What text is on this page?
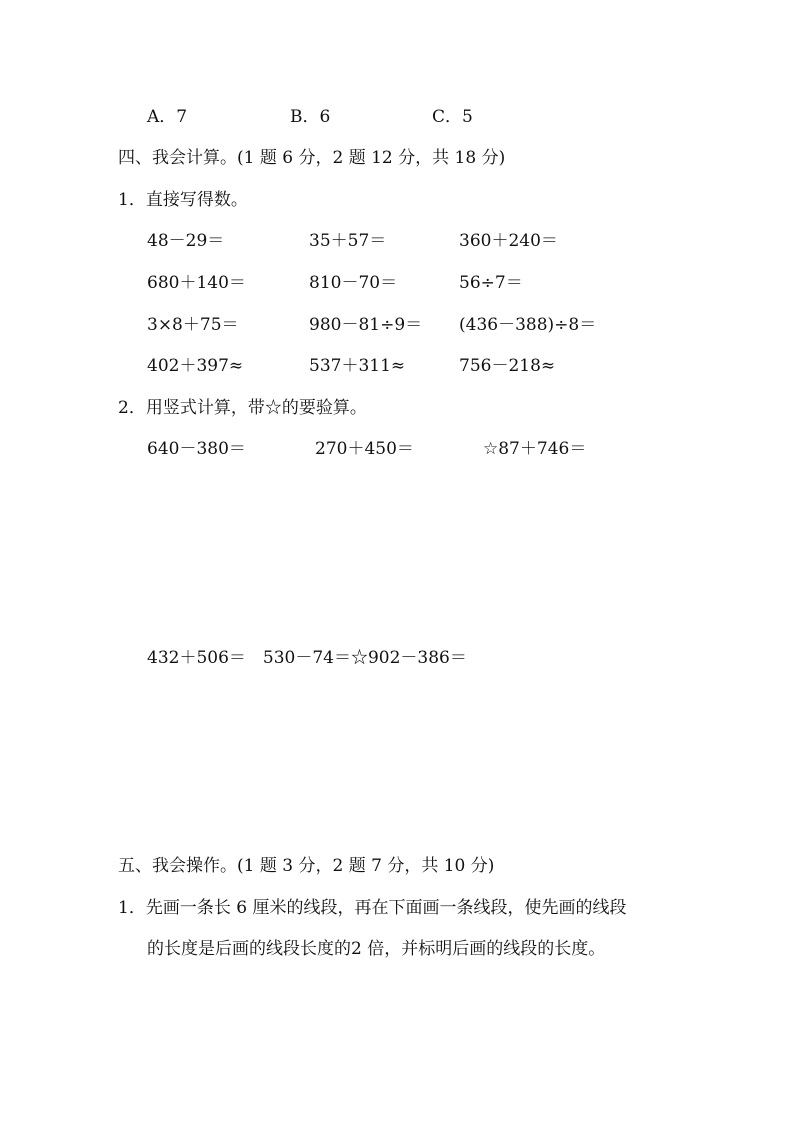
A．7	B．6	C．5
四、我会计算。(1 题 6 分，2 题 12 分，共 18 分)
1．直接写得数。
48－29＝	35＋57＝	360＋240＝
680＋140＝	810－70＝	56÷7＝
3×8＋75＝	980－81÷9＝ (436－388)÷8＝
402＋397≈	537＋311≈	756－218≈
2．用竖式计算，带☆的要验算。
640－380＝	270＋450＝	☆87＋746＝
432＋506＝　530－74＝☆902－386＝
五、我会操作。(1 题 3 分，2 题 7 分，共 10 分)
1．先画一条长 6 厘米的线段，再在下面画一条线段，使先画的线段
的长度是后画的线段长度的2 倍，并标明后画的线段的长度。
